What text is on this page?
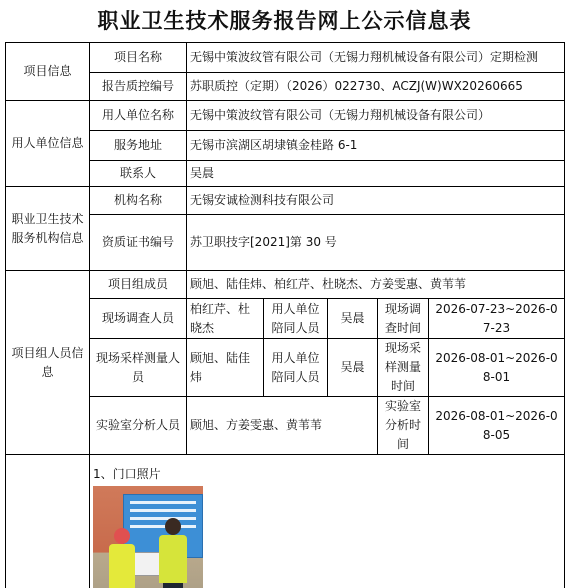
职业卫生技术服务报告网上公示信息表
项目信息	项目名称	无锡中策波纹管有限公司（无锡力翔机械设备有限公司）定期检测				
	报告质控编号	苏职质控（定期）（2026）022730、ACZJ(W)WX20260665				
用人单位信息	用人单位名称	无锡中策波纹管有限公司（无锡力翔机械设备有限公司）				
	服务地址	无锡市滨湖区胡埭镇金桂路 6-1				
	联系人	吴晨				
职业卫生技术服务机构信息	机构名称	无锡安诚检测科技有限公司				
	资质证书编号	苏卫职技字[2021]第 30 号				
项目组人员信息	项目组成员	顾旭、陆佳炜、柏红芹、杜晓杰、方姜雯惠、黄苇苇				
	现场调查人员	柏红芹、杜晓杰	用人单位陪同人员	吴晨	现场调查时间	2026-07-23~2026-07-23
	现场采样测量人员	顾旭、陆佳炜	用人单位陪同人员	吴晨	现场采样测量时间	2026-08-01~2026-08-01
	实验室分析人员	顾旭、方姜雯惠、黄苇苇			实验室分析时间	2026-08-01~2026-08-05

	1、门口照片					
